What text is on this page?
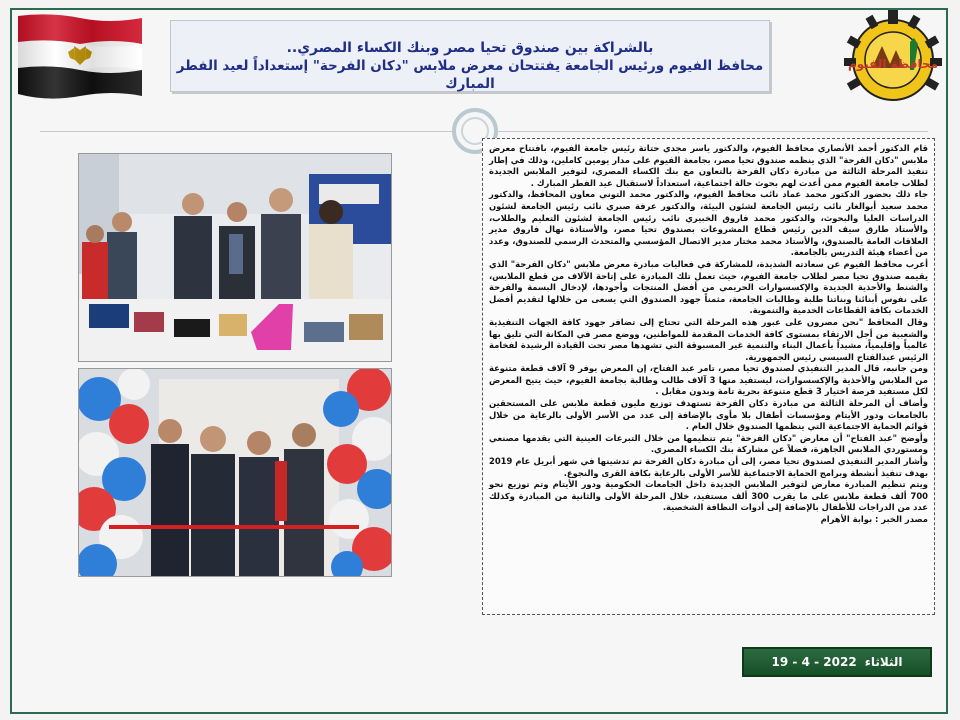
بالشراكة بين صندوق تحيا مصر وبنك الكساء المصري..
محافظ الفيوم ورئيس الجامعة يفتتحان معرض ملابس "دكان الفرحة" إستعداداً لعيد الفطر المبارك
محافظة الفيوم

قام الدكتور أحمد الأنصاري محافظ الفيوم، والدكتور ياسر مجدي حتاتة رئيس جامعة الفيوم، بافتتاح معرض ملابس "دكان الفرحة" الذي ينظمه صندوق تحيا مصر، بجامعة الفيوم على مدار يومين كاملين، وذلك في إطار تنفيذ المرحلة الثالثة من مبادرة دكان الفرحة بالتعاون مع بنك الكساء المصري، لتوفير الملابس الجديدة لطلاب جامعة الفيوم ممن أعدت لهم بحوث حالة اجتماعية، استعداداً لاستقبال عيد الفطر المبارك .

جاء ذلك بحضور الدكتور محمد عماد نائب محافظ الفيوم، والدكتور محمد التوني معاون المحافظ، والدكتور محمد سعيد أبوالغار نائب رئيس الجامعة لشئون البيئة، والدكتور عرفة صبري نائب رئيس الجامعة لشئون الدراسات العليا والبحوث، والدكتور محمد فاروق الخبيري نائب رئيس الجامعة لشئون التعليم والطلاب، والأستاذ طارق سيف الدين رئيس قطاع المشروعات بصندوق تحيا مصر، والأستاذة نهال فاروق مدير العلاقات العامة بالصندوق، والأستاذ محمد مختار مدير الاتصال المؤسسي والمتحدث الرسمي للصندوق، وعدد من أعضاء هيئة التدريس بالجامعة.

أعرب محافظ الفيوم عن سعادته الشديدة، للمشاركة في فعاليات مبادرة معرض ملابس "دكان الفرحة" الذي يقيمه صندوق تحيا مصر لطلاب جامعة الفيوم، حيث تعمل تلك المبادرة على إتاحة الآلاف من قطع الملابس، والشنط والأحذية الجديدة والإكسسوارات الحريمي من أفضل المنتجات وأجودها، لإدخال البسمة والفرحة على نفوس أبنائنا وبناتنا طلبة وطالبات الجامعة، مثمناً جهود الصندوق التي يسعى من خلالها لتقديم أفضل الخدمات بكافة القطاعات الخدمية والتنموية.

وقال المحافظ "نحن مصرون على عبور هذه المرحلة التي تحتاج إلى تضافر جهود كافة الجهات التنفيذية والشعبية من أجل الارتقاء بمستوى كافة الخدمات المقدمة للمواطنين، ووضع مصر في المكانة التي تليق بها عالمياً وإقليمياً، مشيداً بأعمال البناء والتنمية غير المسبوقة التي تشهدها مصر تحت القيادة الرشيدة لفخامة الرئيس عبدالفتاح السيسي رئيس الجمهورية.

ومن جانبه، قال المدير التنفيذي لصندوق تحيا مصر، تامر عبد الفتاح، إن المعرض يوفر 9 آلاف قطعة متنوعة من الملابس والأحذية والإكسسوارات، ليستفيد منها 3 آلاف طالب وطالبة بجامعة الفيوم، حيث يتيح المعرض لكل مستفيد فرصة اختيار 3 قطع متنوعة بحرية تامة وبدون مقابل .

وأضاف أن المرحلة الثالثة من مبادرة دكان الفرحة تستهدف توزيع مليون قطعة ملابس على المستحقين بالجامعات ودور الأيتام ومؤسسات أطفال بلا مأوى بالإضافة إلى عدد من الأسر الأولى بالرعاية من خلال قوائم الحماية الاجتماعية التي ينظمها الصندوق خلال العام .

وأوضح "عبد الفتاح" أن معارض "دكان الفرحة" يتم تنظيمها من خلال التبرعات العينية التي يقدمها مصنعي ومستوردي الملابس الجاهزة، فضلاً عن مشاركة بنك الكساء المصري.

وأشار المدير التنفيذي لصندوق تحيا مصر، إلى أن مبادرة دكان الفرحة تم تدشينها في شهر أبريل عام 2019 بهدف تنفيذ أنشطة وبرامج الحماية الاجتماعية للأسر الأولى بالرعاية بكافة القرى والنجوع.

ويتم تنظيم المبادرة معارض لتوفير الملابس الجديدة داخل الجامعات الحكومية ودور الأيتام وتم توزيع نحو 700 ألف قطعة ملابس على ما يقرب 300 ألف مستفيد، خلال المرحلة الأولى والثانية من المبادرة وكذلك عدد من الدراجات للأطفال بالإضافة إلى أدوات النظافة الشخصية.

مصدر الخبر : بوابة الأهرام

الثلاثاء
2022 - 4 - 19
